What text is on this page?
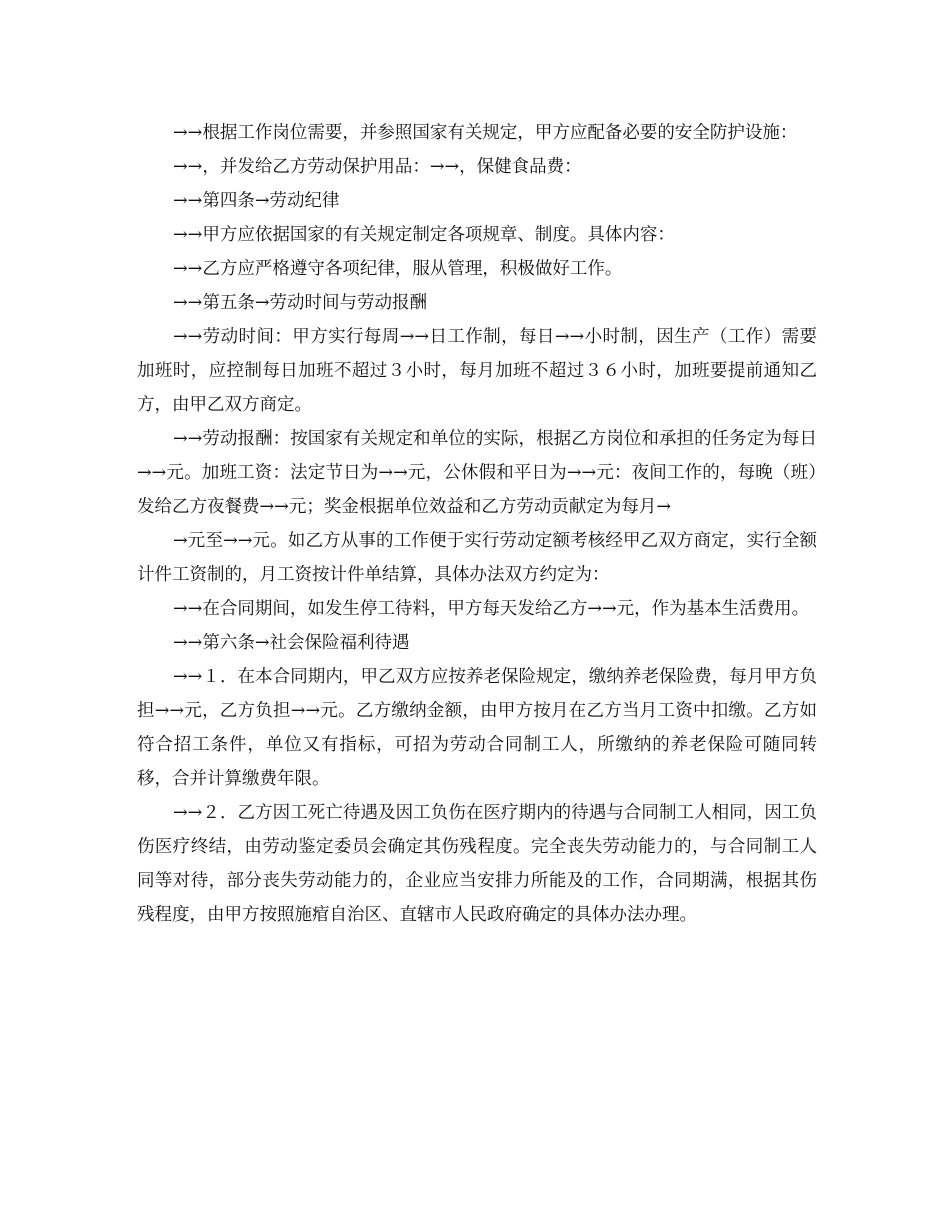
→→根据工作岗位需要，并参照国家有关规定，甲方应配备必要的安全防护设施：

→→，并发给乙方劳动保护用品：→→，保健食品费：

→→第四条→劳动纪律

→→甲方应依据国家的有关规定制定各项规章、制度。具体内容：

→→乙方应严格遵守各项纪律，服从管理，积极做好工作。

→→第五条→劳动时间与劳动报酬

→→劳动时间：甲方实行每周→→日工作制，每日→→小时制，因生产（工作）需要加班时，应控制每日加班不超过３小时，每月加班不超过３６小时，加班要提前通知乙方，由甲乙双方商定。

→→劳动报酬：按国家有关规定和单位的实际，根据乙方岗位和承担的任务定为每日→→元。加班工资：法定节日为→→元，公休假和平日为→→元：夜间工作的，每晚（班）发给乙方夜餐费→→元；奖金根据单位效益和乙方劳动贡献定为每月→

→元至→→元。如乙方从事的工作便于实行劳动定额考核经甲乙双方商定，实行全额计件工资制的，月工资按计件单结算，具体办法双方约定为：

→→在合同期间，如发生停工待料，甲方每天发给乙方→→元，作为基本生活费用。

→→第六条→社会保险福利待遇

→→１．在本合同期内，甲乙双方应按养老保险规定，缴纳养老保险费，每月甲方负担→→元，乙方负担→→元。乙方缴纳金额，由甲方按月在乙方当月工资中扣缴。乙方如符合招工条件，单位又有指标，可招为劳动合同制工人，所缴纳的养老保险可随同转移，合并计算缴费年限。

→→２．乙方因工死亡待遇及因工负伤在医疗期内的待遇与合同制工人相同，因工负伤医疗终结，由劳动鉴定委员会确定其伤残程度。完全丧失劳动能力的，与合同制工人同等对待，部分丧失劳动能力的，企业应当安排力所能及的工作，合同期满，根据其伤残程度，由甲方按照施痯自治区、直辖市人民政府确定的具体办法办理。
